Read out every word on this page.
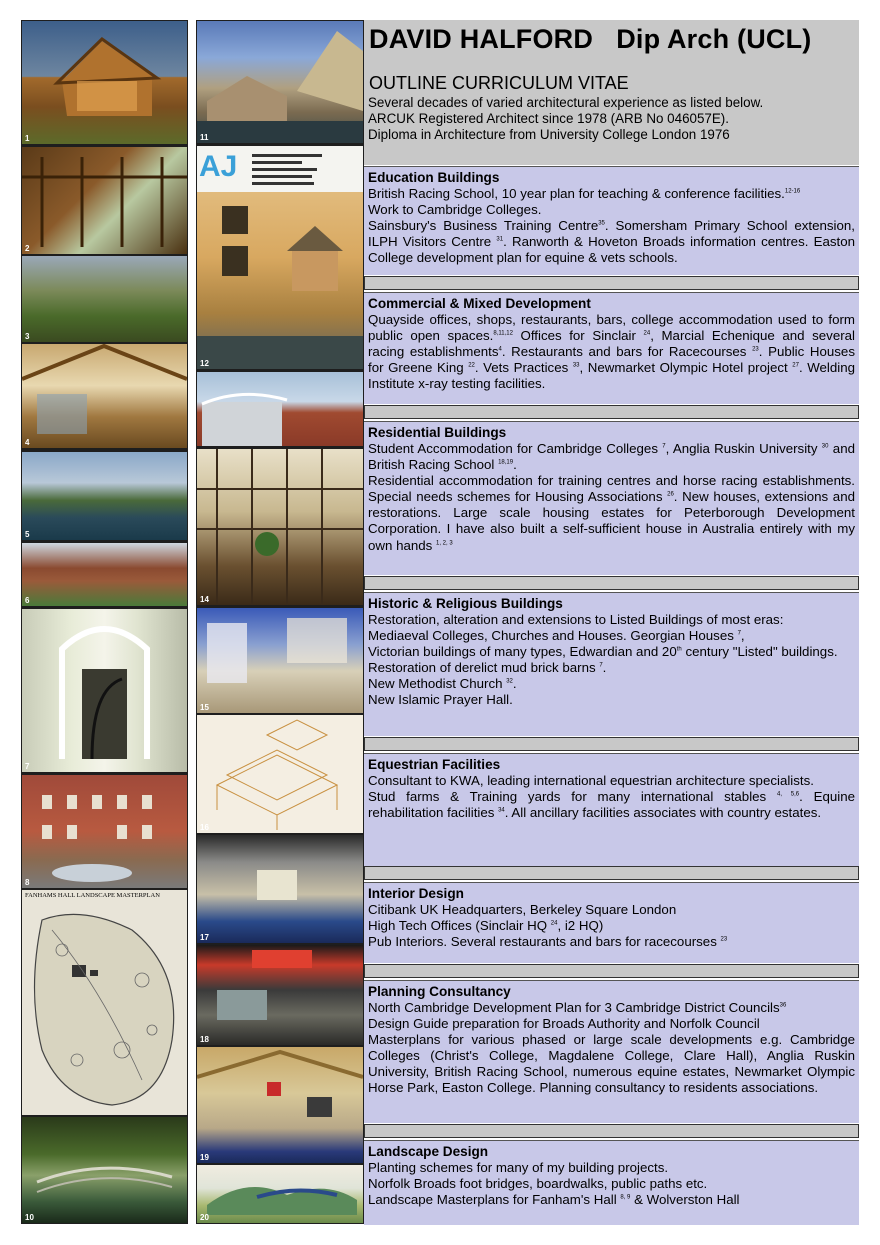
1
2
3
4
5
6
7
8
FANHAMS HALL LANDSCAPE MASTERPLAN
10
11
AJ
12
14
15
16
17
18
19
20
DAVID HALFORD   Dip Arch (UCL)
OUTLINE CURRICULUM VITAE
Several decades of varied architectural experience as listed below.
ARCUK Registered Architect since 1978 (ARB No 046057E).
Diploma in Architecture from University College London 1976
Education Buildings
British Racing School, 10 year plan for teaching & conference facilities.$^{12-16}$
Work to Cambridge Colleges.
Sainsbury's Business Training Centre$^{35}$. Somersham Primary School extension, ILPH Visitors Centre $^{31}$. Ranworth & Hoveton Broads information centres. Easton College development plan for equine & vets schools.
Commercial & Mixed Development
Quayside offices, shops, restaurants, bars, college accommodation used to form public open spaces.$^{8,11,12}$ Offices for Sinclair $^{24}$, Marcial Echenique and several racing establishments$^4$. Restaurants and bars for Racecourses $^{23}$. Public Houses for Greene King $^{22}$. Vets Practices $^{33}$, Newmarket Olympic Hotel project $^{27}$. Welding Institute x-ray testing facilities.
Residential Buildings
Student Accommodation for Cambridge Colleges $^7$, Anglia Ruskin University $^{30}$ and British Racing School $^{18,19}$.
Residential accommodation for training centres and horse racing establishments. Special needs schemes for Housing Associations $^{26}$. New houses, extensions and restorations. Large scale housing estates for Peterborough Development Corporation. I have also built a self-sufficient house in Australia entirely with my own hands $^{1, 2, 3}$
Historic & Religious Buildings
Restoration, alteration and extensions to Listed Buildings of most eras:
Mediaeval Colleges, Churches and Houses. Georgian Houses $^7$,
Victorian buildings of many types, Edwardian and 20th century "Listed" buildings. Restoration of derelict mud brick barns $^7$.
New Methodist Church $^{32}$.
New Islamic Prayer Hall.
Equestrian Facilities
Consultant to KWA, leading international equestrian architecture specialists.
Stud farms & Training yards for many international stables $^{4, 5,6}$. Equine rehabilitation facilities $^{34}$. All ancillary facilities associates with country estates.
Interior Design
Citibank UK Headquarters, Berkeley Square London
High Tech Offices (Sinclair HQ $^{24}$, i2 HQ)
Pub Interiors. Several restaurants and bars for racecourses $^{23}$
Planning Consultancy
North Cambridge Development Plan for 3 Cambridge District Councils$^{36}$
Design Guide preparation for Broads Authority and Norfolk Council
Masterplans for various phased or large scale developments e.g. Cambridge Colleges (Christ's College, Magdalene College, Clare Hall), Anglia Ruskin University, British Racing School, numerous equine estates, Newmarket Olympic Horse Park, Easton College. Planning consultancy to residents associations.
Landscape Design
Planting schemes for many of my building projects.
Norfolk Broads foot bridges, boardwalks, public paths etc.
Landscape Masterplans for Fanham's Hall $^{8, 9}$ & Wolverston Hall
